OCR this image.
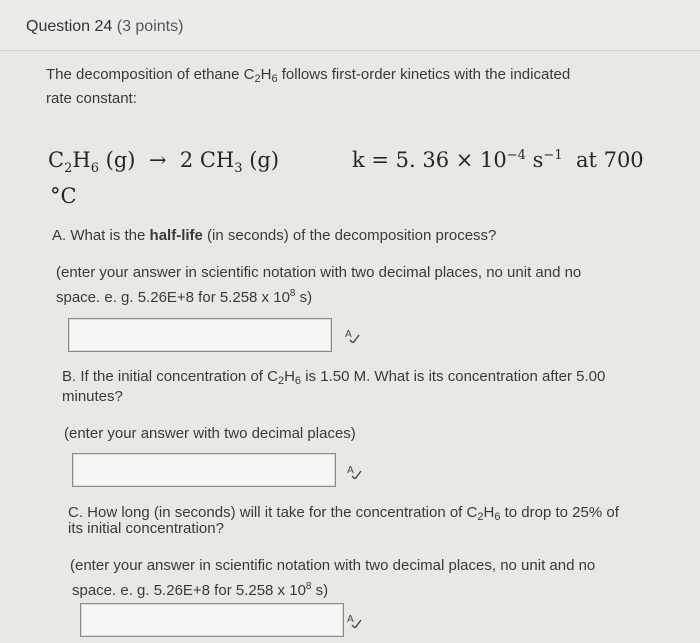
Question 24 (3 points)
The decomposition of ethane $C_2H_6$ follows first-order kinetics with the indicated
rate constant:
$C_2H_6$ (g) → 2 $CH_3$ (g)	k = 5. $36 \times 10^{-4}$ $s^{-1}$ at 700
°C
A. What is the half-life (in seconds) of the decomposition process?
(enter your answer in scientific notation with two decimal places, no unit and no
space. e. g. 5.26E+8 for 5.258 x $10^8$ s)
A
B. If the initial concentration of $C_2H_6$ is 1.50 M. What is its concentration after 5.00
minutes?
(enter your answer with two decimal places)
A
C. How long (in seconds) will it take for the concentration of $C_2H_6$ to drop to 25% of
its initial concentration?
(enter your answer in scientific notation with two decimal places, no unit and no
space. e. g. 5.26E+8 for 5.258 x $10^8$ s)
A
